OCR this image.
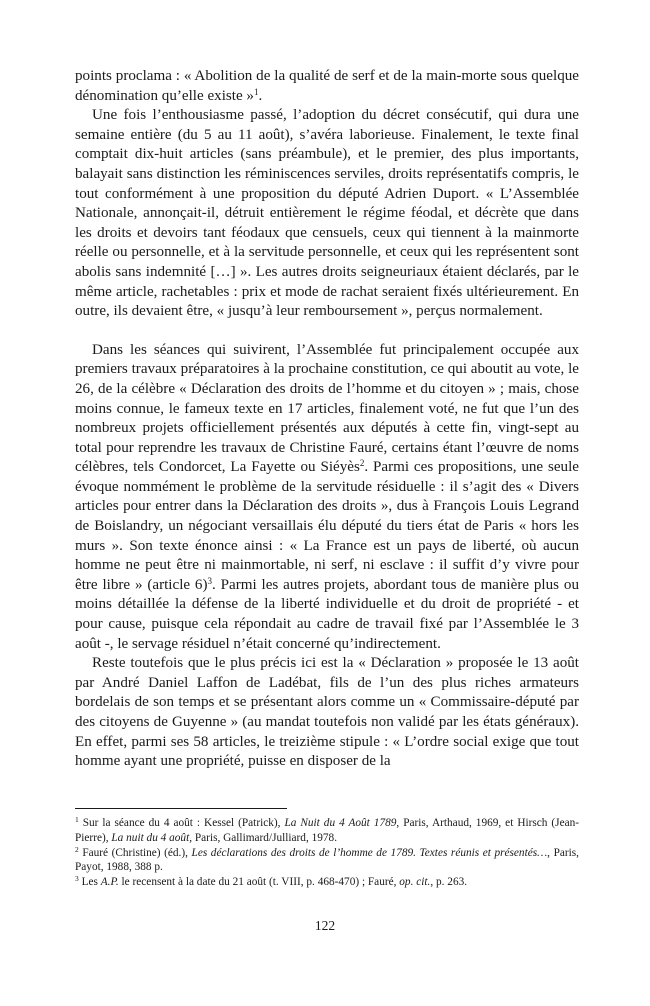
points proclama : « Abolition de la qualité de serf et de la main-morte sous quelque dénomination qu’elle existe »$^1$.

Une fois l’enthousiasme passé, l’adoption du décret consécutif, qui dura une semaine entière (du 5 au 11 août), s’avéra laborieuse. Finalement, le texte final comptait dix-huit articles (sans préambule), et le premier, des plus importants, balayait sans distinction les réminiscences serviles, droits représentatifs compris, le tout conformément à une proposition du député Adrien Duport. « L’Assemblée Nationale, annonçait-il, détruit entièrement le régime féodal, et décrète que dans les droits et devoirs tant féodaux que censuels, ceux qui tiennent à la mainmorte réelle ou personnelle, et à la servitude personnelle, et ceux qui les représentent sont abolis sans indemnité […] ». Les autres droits seigneuriaux étaient déclarés, par le même article, rachetables : prix et mode de rachat seraient fixés ultérieurement. En outre, ils devaient être, « jusqu’à leur remboursement », perçus normalement.

Dans les séances qui suivirent, l’Assemblée fut principalement occupée aux premiers travaux préparatoires à la prochaine constitution, ce qui aboutit au vote, le 26, de la célèbre « Déclaration des droits de l’homme et du citoyen » ; mais, chose moins connue, le fameux texte en 17 articles, finalement voté, ne fut que l’un des nombreux projets officiellement présentés aux députés à cette fin, vingt-sept au total pour reprendre les travaux de Christine Fauré, certains étant l’œuvre de noms célèbres, tels Condorcet, La Fayette ou Siéyès$^2$. Parmi ces propositions, une seule évoque nommément le problème de la servitude résiduelle : il s’agit des « Divers articles pour entrer dans la Déclaration des droits », dus à François Louis Legrand de Boislandry, un négociant versaillais élu député du tiers état de Paris « hors les murs ». Son texte énonce ainsi : « La France est un pays de liberté, où aucun homme ne peut être ni mainmortable, ni serf, ni esclave : il suffit d’y vivre pour être libre » (article 6)$^3$. Parmi les autres projets, abordant tous de manière plus ou moins détaillée la défense de la liberté individuelle et du droit de propriété - et pour cause, puisque cela répondait au cadre de travail fixé par l’Assemblée le 3 août -, le servage résiduel n’était concerné qu’indirectement.

Reste toutefois que le plus précis ici est la « Déclaration » proposée le 13 août par André Daniel Laffon de Ladébat, fils de l’un des plus riches armateurs bordelais de son temps et se présentant alors comme un « Commissaire-député par des citoyens de Guyenne » (au mandat toutefois non validé par les états généraux). En effet, parmi ses 58 articles, le treizième stipule : « L’ordre social exige que tout homme ayant une propriété, puisse en disposer de la

$^1$ Sur la séance du 4 août : Kessel (Patrick), La Nuit du 4 Août 1789, Paris, Arthaud, 1969, et Hirsch (Jean-Pierre), La nuit du 4 août, Paris, Gallimard/Julliard, 1978.

$^2$ Fauré (Christine) (éd.), Les déclarations des droits de l’homme de 1789. Textes réunis et présentés…, Paris, Payot, 1988, 388 p.

$^3$ Les A.P. le recensent à la date du 21 août (t. VIII, p. 468-470) ; Fauré, op. cit., p. 263.

122
